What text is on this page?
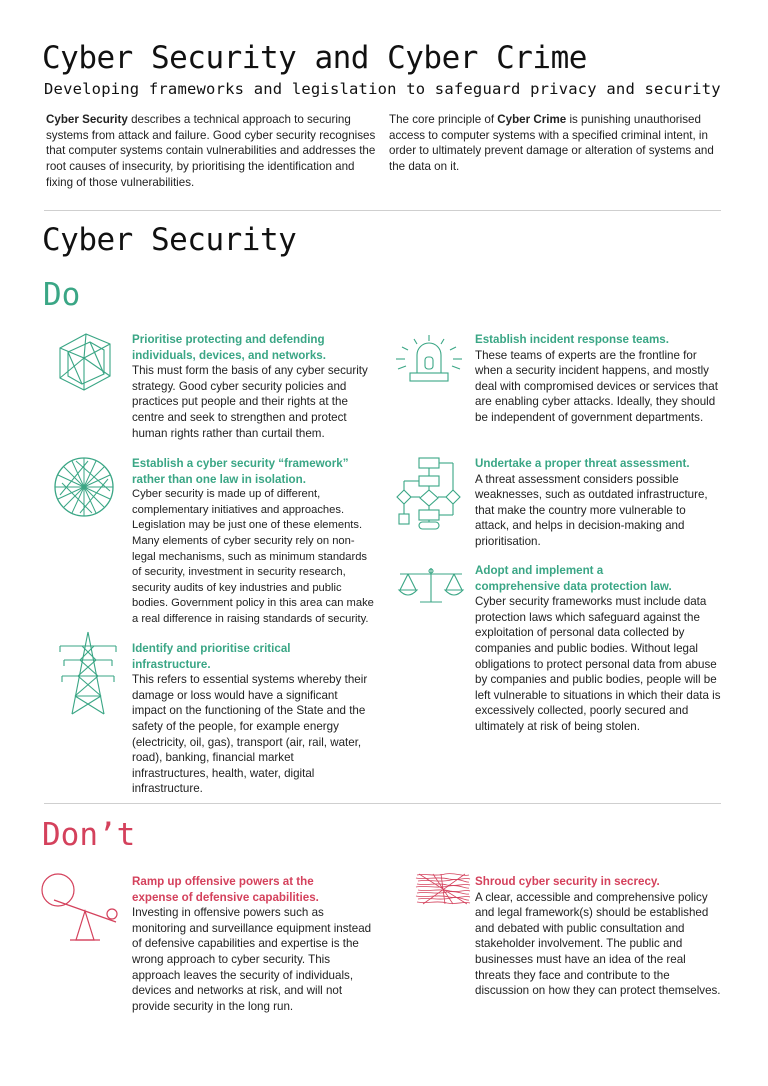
Cyber Security and Cyber Crime
Developing frameworks and legislation to safeguard privacy and security
Cyber Security describes a technical approach to securing systems from attack and failure. Good cyber security recognises that computer systems contain vulnerabilities and addresses the root causes of insecurity, by prioritising the identification and fixing of those vulnerabilities.
The core principle of Cyber Crime is punishing unauthorised access to computer systems with a specified criminal intent, in order to ultimately prevent damage or alteration of systems and the data on it.
Cyber Security
Do
Prioritise protecting and defending individuals, devices, and networks.
This must form the basis of any cyber security strategy. Good cyber security policies and practices put people and their rights at the centre and seek to strengthen and protect human rights rather than curtail them.
Establish a cyber security “framework” rather than one law in isolation.
Cyber security is made up of different, complementary initiatives and approaches. Legislation may be just one of these elements. Many elements of cyber security rely on non-legal mechanisms, such as minimum standards of security, investment in security research, security audits of key industries and public bodies. Government policy in this area can make a real difference in raising standards of security.
Identify and prioritise critical infrastructure.
This refers to essential systems whereby their damage or loss would have a significant impact on the functioning of the State and the safety of the people, for example energy (electricity, oil, gas), transport (air, rail, water, road), banking, financial market infrastructures, health, water, digital infrastructure.
Establish incident response teams.
These teams of experts are the frontline for when a security incident happens, and mostly deal with compromised devices or services that are enabling cyber attacks. Ideally, they should be independent of government departments.
Undertake a proper threat assessment.
A threat assessment considers possible weaknesses, such as outdated infrastructure, that make the country more vulnerable to attack, and helps in decision-making and prioritisation.
Adopt and implement a comprehensive data protection law.
Cyber security frameworks must include data protection laws which safeguard against the exploitation of personal data collected by companies and public bodies. Without legal obligations to protect personal data from abuse by companies and public bodies, people will be left vulnerable to situations in which their data is excessively collected, poorly secured and ultimately at risk of being stolen.
Don’t
Ramp up offensive powers at the expense of defensive capabilities.
Investing in offensive powers such as monitoring and surveillance equipment instead of defensive capabilities and expertise is the wrong approach to cyber security. This approach leaves the security of individuals, devices and networks at risk, and will not provide security in the long run.
Shroud cyber security in secrecy.
A clear, accessible and comprehensive policy and legal framework(s) should be established and debated with public consultation and stakeholder involvement. The public and businesses must have an idea of the real threats they face and contribute to the discussion on how they can protect themselves.
